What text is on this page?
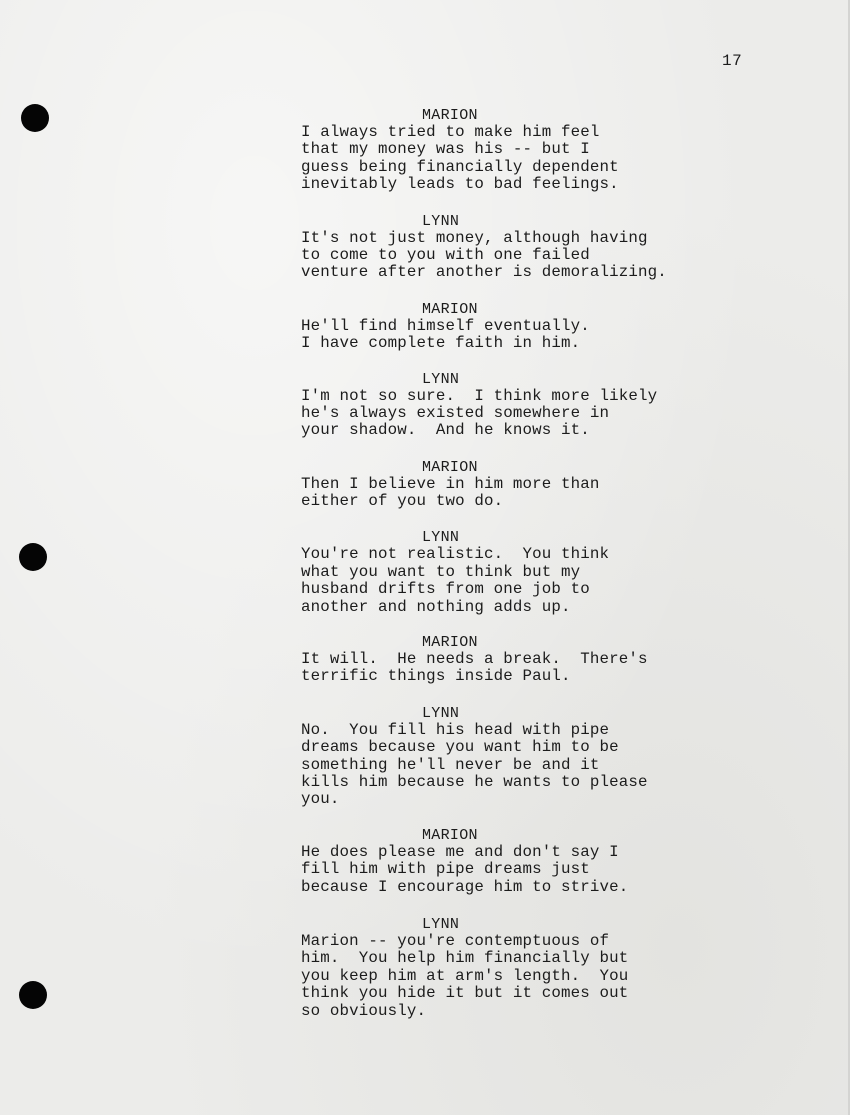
17
MARION
I always tried to make him feel
that my money was his -- but I
guess being financially dependent
inevitably leads to bad feelings.
LYNN
It's not just money, although having
to come to you with one failed
venture after another is demoralizing.
MARION
He'll find himself eventually.
I have complete faith in him.
LYNN
I'm not so sure.  I think more likely
he's always existed somewhere in
your shadow.  And he knows it.
MARION
Then I believe in him more than
either of you two do.
LYNN
You're not realistic.  You think
what you want to think but my
husband drifts from one job to
another and nothing adds up.
MARION
It will.  He needs a break.  There's
terrific things inside Paul.
LYNN
No.  You fill his head with pipe
dreams because you want him to be
something he'll never be and it
kills him because he wants to please
you.
MARION
He does please me and don't say I
fill him with pipe dreams just
because I encourage him to strive.
LYNN
Marion -- you're contemptuous of
him.  You help him financially but
you keep him at arm's length.  You
think you hide it but it comes out
so obviously.
